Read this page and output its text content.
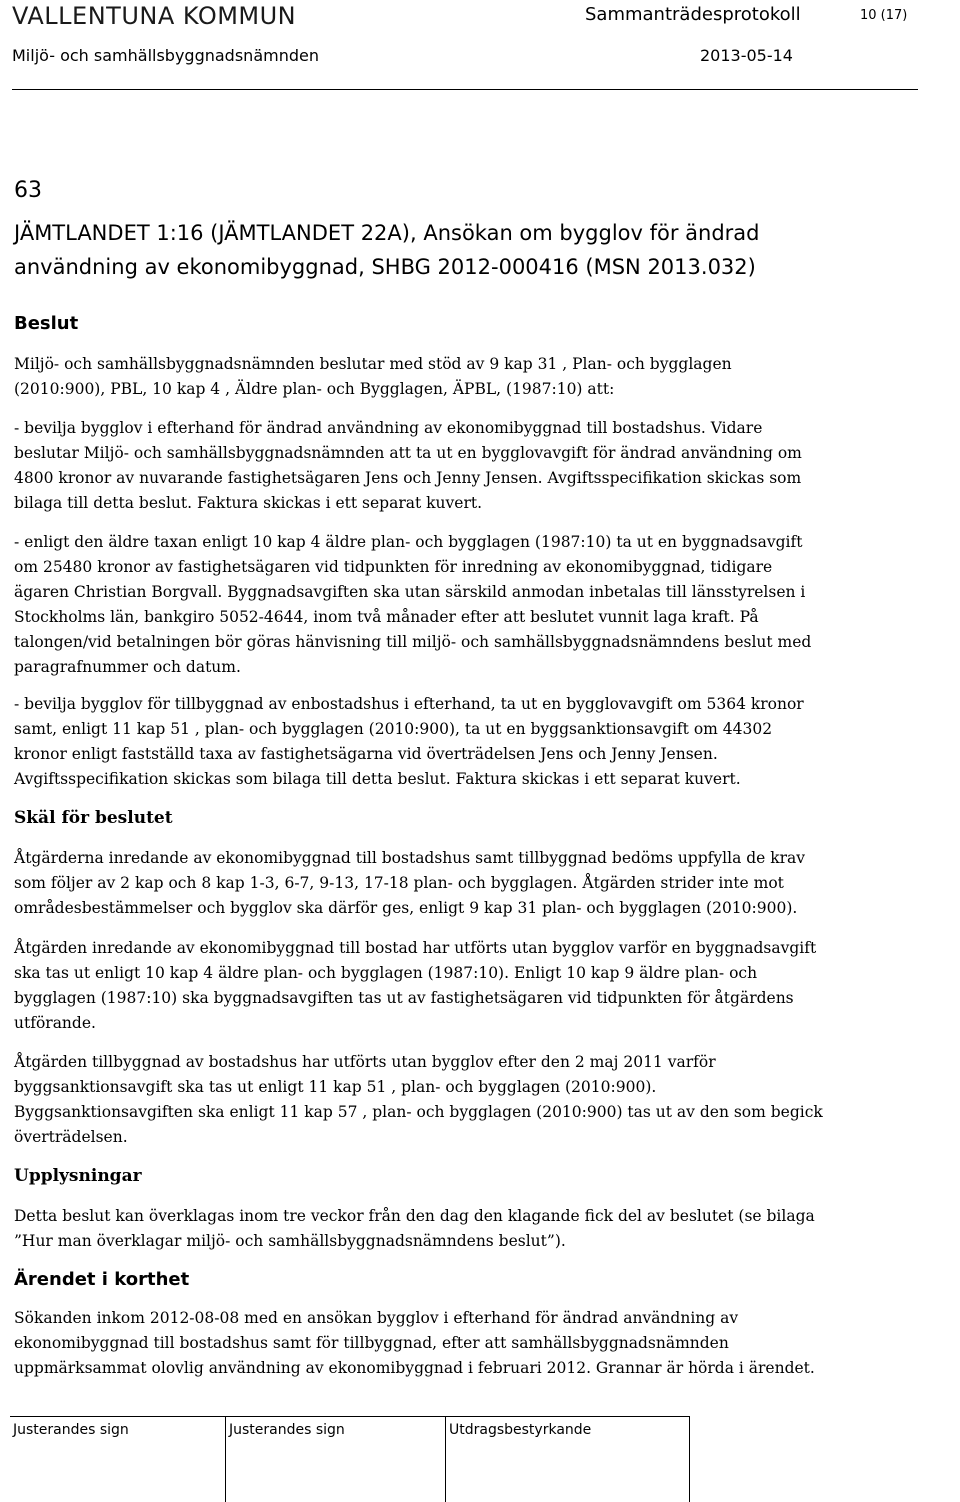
VALLENTUNA KOMMUN	Sammanträdesprotokoll	10 (17)
Miljö- och samhällsbyggnadsnämnden	2013-05-14
63
JÄMTLANDET 1:16 (JÄMTLANDET 22A), Ansökan om bygglov för ändrad
användning av ekonomibyggnad, SHBG 2012-000416 (MSN 2013.032)
Beslut
Miljö- och samhällsbyggnadsnämnden beslutar med stöd av 9 kap 31 , Plan- och bygglagen
(2010:900), PBL, 10 kap 4 , Äldre plan- och Bygglagen, ÄPBL, (1987:10) att:
- bevilja bygglov i efterhand för ändrad användning av ekonomibyggnad till bostadshus. Vidare
beslutar Miljö- och samhällsbyggnadsnämnden att ta ut en bygglovavgift för ändrad användning om
4800 kronor av nuvarande fastighetsägaren Jens och Jenny Jensen. Avgiftsspecifikation skickas som
bilaga till detta beslut. Faktura skickas i ett separat kuvert.
- enligt den äldre taxan enligt 10 kap 4 äldre plan- och bygglagen (1987:10) ta ut en byggnadsavgift
om 25480 kronor av fastighetsägaren vid tidpunkten för inredning av ekonomibyggnad, tidigare
ägaren Christian Borgvall. Byggnadsavgiften ska utan särskild anmodan inbetalas till länsstyrelsen i
Stockholms län, bankgiro 5052-4644, inom två månader efter att beslutet vunnit laga kraft. På
talongen/vid betalningen bör göras hänvisning till miljö- och samhällsbyggnadsnämndens beslut med
paragrafnummer och datum.
- bevilja bygglov för tillbyggnad av enbostadshus i efterhand, ta ut en bygglovavgift om 5364 kronor
samt, enligt 11 kap 51 , plan- och bygglagen (2010:900), ta ut en byggsanktionsavgift om 44302
kronor enligt fastställd taxa av fastighetsägarna vid överträdelsen Jens och Jenny Jensen.
Avgiftsspecifikation skickas som bilaga till detta beslut. Faktura skickas i ett separat kuvert.
Skäl för beslutet
Åtgärderna inredande av ekonomibyggnad till bostadshus samt tillbyggnad bedöms uppfylla de krav
som följer av 2 kap och 8 kap 1-3, 6-7, 9-13, 17-18 plan- och bygglagen. Åtgärden strider inte mot
områdesbestämmelser och bygglov ska därför ges, enligt 9 kap 31 plan- och bygglagen (2010:900).
Åtgärden inredande av ekonomibyggnad till bostad har utförts utan bygglov varför en byggnadsavgift
ska tas ut enligt 10 kap 4 äldre plan- och bygglagen (1987:10). Enligt 10 kap 9 äldre plan- och
bygglagen (1987:10) ska byggnadsavgiften tas ut av fastighetsägaren vid tidpunkten för åtgärdens
utförande.
Åtgärden tillbyggnad av bostadshus har utförts utan bygglov efter den 2 maj 2011 varför
byggsanktionsavgift ska tas ut enligt 11 kap 51 , plan- och bygglagen (2010:900).
Byggsanktionsavgiften ska enligt 11 kap 57 , plan- och bygglagen (2010:900) tas ut av den som begick
överträdelsen.
Upplysningar
Detta beslut kan överklagas inom tre veckor från den dag den klagande fick del av beslutet (se bilaga
”Hur man överklagar miljö- och samhällsbyggnadsnämndens beslut”).
Ärendet i korthet
Sökanden inkom 2012-08-08 med en ansökan bygglov i efterhand för ändrad användning av
ekonomibyggnad till bostadshus samt för tillbyggnad, efter att samhällsbyggnadsnämnden
uppmärksammat olovlig användning av ekonomibyggnad i februari 2012. Grannar är hörda i ärendet.
Justerandes sign	Justerandes sign	Utdragsbestyrkande
